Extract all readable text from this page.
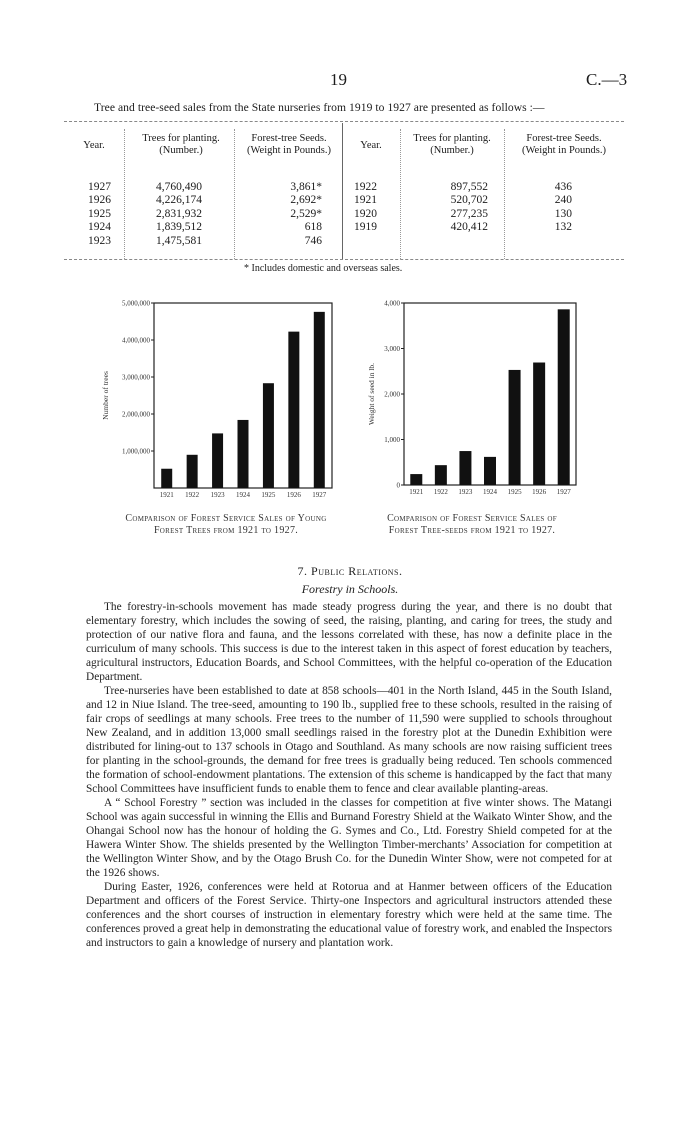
19	C.—3
Tree and tree-seed sales from the State nurseries from 1919 to 1927 are presented as follows :—
Year.
Trees for planting.
(Number.)
Forest-tree Seeds.
(Weight in Pounds.)	Year.
Trees for planting.
(Number.)
Forest-tree Seeds.
(Weight in Pounds.)
1927
1926
1925
1924
1923
4,760,490
4,226,174
2,831,932
1,839,512
1,475,581
3,861*
2,692*
2,529*
618
746
1922
1921
1920
1919
897,552
520,702
277,235
420,412
436
240
130
132
* Includes domestic and overseas sales.
1,000,000
2,000,000
3,000,000
4,000,000
5,000,000
1921 1922 1923 1924 1925 1926 1927
Number of trees
Comparison of Forest Service Sales of Young
Forest Trees from 1921 to 1927.
0
1,000
2,000
3,000
4,000
1921 1922 1923 1924 1925 1926 1927
Weight of seed in lb.
Comparison of Forest Service Sales of
Forest Tree-seeds from 1921 to 1927.
7. Public Relations.
Forestry in Schools.

The forestry-in-schools movement has made steady progress during the year, and there is no doubt that elementary forestry, which includes the sowing of seed, the raising, planting, and caring for trees, the study and protection of our native flora and fauna, and the lessons correlated with these, has now a definite place in the curriculum of many schools. This success is due to the interest taken in this aspect of forest education by teachers, agricultural instructors, Education Boards, and School Committees, with the helpful co-operation of the Education Department.

Tree-nurseries have been established to date at 858 schools—401 in the North Island, 445 in the South Island, and 12 in Niue Island. The tree-seed, amounting to 190 lb., supplied free to these schools, resulted in the raising of fair crops of seedlings at many schools. Free trees to the number of 11,590 were supplied to schools throughout New Zealand, and in addition 13,000 small seedlings raised in the forestry plot at the Dunedin Exhibition were distributed for lining-out to 137 schools in Otago and Southland. As many schools are now raising sufficient trees for planting in the school-grounds, the demand for free trees is gradually being reduced. Ten schools commenced the formation of school-endowment plantations. The extension of this scheme is handicapped by the fact that many School Committees have insufficient funds to enable them to fence and clear available planting-areas.

A “ School Forestry ” section was included in the classes for competition at five winter shows. The Matangi School was again successful in winning the Ellis and Burnand Forestry Shield at the Waikato Winter Show, and the Ohangai School now has the honour of holding the G. Symes and Co., Ltd. Forestry Shield competed for at the Hawera Winter Show. The shields presented by the Wellington Timber-merchants’ Association for competition at the Wellington Winter Show, and by the Otago Brush Co. for the Dunedin Winter Show, were not competed for at the 1926 shows.

During Easter, 1926, conferences were held at Rotorua and at Hanmer between officers of the Education Department and officers of the Forest Service. Thirty-one Inspectors and agricultural instructors attended these conferences and the short courses of instruction in elementary forestry which were held at the same time. The conferences proved a great help in demonstrating the educational value of forestry work, and enabled the Inspectors and instructors to gain a knowledge of nursery and plantation work.
